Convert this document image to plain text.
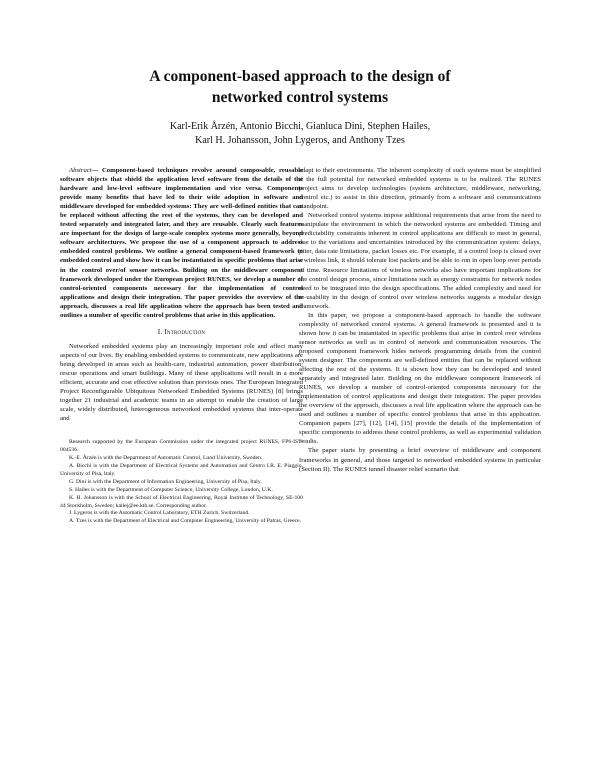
A component-based approach to the design of
networked control systems
Karl-Erik Årzén, Antonio Bicchi, Gianluca Dini, Stephen Hailes,
Karl H. Johansson, John Lygeros, and Anthony Tzes

Abstract— Component-based techniques revolve around composable, reusable software objects that shield the application level software from the details of the hardware and low-level software implementation and vice versa. Components provide many benefits that have led to their wide adoption in software and middleware developed for embedded systems: They are well-defined entities that can be replaced without affecting the rest of the systems, they can be developed and tested separately and integrated later, and they are reusable. Clearly such features are important for the design of large-scale complex systems more generally, beyond software architectures. We propose the use of a component approach to address embedded control problems. We outline a general component-based framework to embedded control and show how it can be instantiated in specific problems that arise in the control over/of sensor networks. Building on the middleware component framework developed under the European project RUNES, we develop a number of control-oriented components necessary for the implementation of control applications and design their integration. The paper provides the overview of the approach, discusses a real life application where the approach has been tested and outlines a number of specific control problems that arise in this application.

I. Introduction

Networked embedded systems play an increasingly important role and affect many aspects of our lives. By enabling embedded systems to communicate, new applications are being developed in areas such as health-care, industrial automation, power distribution, rescue operations and smart buildings. Many of these applications will result in a more efficient, accurate and cost effective solution than previous ones. The European Integrated Project Reconfigurable Ubiquitous Networked Embedded Systems (RUNES) [8] brings together 21 industrial and academic teams in an attempt to enable the creation of large scale, widely distributed, heterogeneous networked embedded systems that inter-operate and

Research supported by the European Commission under the integrated project RUNES, FP6-IST-004536.

K.-E. Årzén is with the Department of Automatic Control, Lund University, Sweden.

A. Bicchi is with the Department of Electrical Systems and Automation and Centro I.R. E. Piaggio, University of Pisa, Italy.

G. Dini is with the Department of Information Engineering, University of Pisa, Italy.

S. Hailes is with the Department of Computer Science, University College, London, U.K.

K. H. Johansson is with the School of Electrical Engineering, Royal Institute of Technology, SE-100 44 Stockholm, Sweden; kallej@ee.kth.se. Corresponding author.

J. Lygeros is with the Automatic Control Laboratory, ETH Zurich, Switzerland.

A. Tzes is with the Department of Electrical and Computer Engineering, University of Patras, Greece.

adapt to their environments. The inherent complexity of such systems must be simplified if the full potential for networked embedded systems is to be realized. The RUNES project aims to develop technologies (system architecture, middleware, networking, control etc.) to assist in this direction, primarily from a software and communications standpoint.

Networked control systems impose additional requirements that arise from the need to manipulate the environment in which the networked systems are embedded. Timing and predictability constraints inherent in control applications are difficult to meet in general, due to the variations and uncertainties introduced by the communication system: delays, jitter, data rate limitations, packet losses etc. For example, if a control loop is closed over a wireless link, it should tolerate lost packets and be able to run in open loop over periods of time. Resource limitations of wireless networks also have important implications for the control design process, since limitations such as energy constraints for network nodes need to be integrated into the design specifications. The added complexity and need for re-usability in the design of control over wireless networks suggests a modular design framework.

In this paper, we propose a component-based approach to handle the software complexity of networked control systems. A general framework is presented and it is shown how it can be instantiated in specific problems that arise in control over wireless sensor networks as well as in control of network and communication resources. The proposed component framework hides network programming details from the control system designer. The components are well-defined entities that can be replaced without affecting the rest of the systems. It is shown how they can be developed and tested separately and integrated later. Building on the middleware component framework of RUNES, we develop a number of control-oriented components necessary for the implementation of control applications and design their integration. The paper provides the overview of the approach, discusses a real life application where the approach can be used and outlines a number of specific control problems that arise in this application. Companion papers [27], [12], [14], [15] provide the details of the implementation of specific components to address these control problems, as well as experimental validation results.

The paper starts by presenting a brief overview of middleware and component frameworks in general, and those targeted to networked embedded systems in particular (Section II). The RUNES tunnel disaster relief scenario that
